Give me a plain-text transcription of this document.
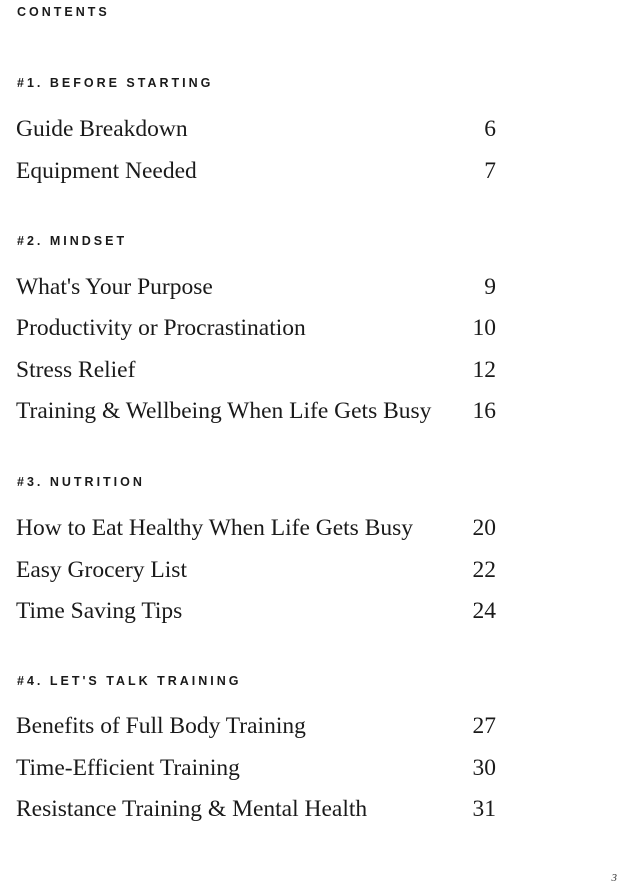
CONTENTS
#1. BEFORE STARTING
Guide Breakdown	6
Equipment Needed	7
#2. MINDSET
What's Your Purpose	9
Productivity or Procrastination	10
Stress Relief	12
Training & Wellbeing When Life Gets Busy 16
#3. NUTRITION
How to Eat Healthy When Life Gets Busy	20
Easy Grocery List	22
Time Saving Tips	24
#4. LET'S TALK TRAINING
Benefits of Full Body Training	27
Time-Efficient Training	30
Resistance Training & Mental Health	31
3
